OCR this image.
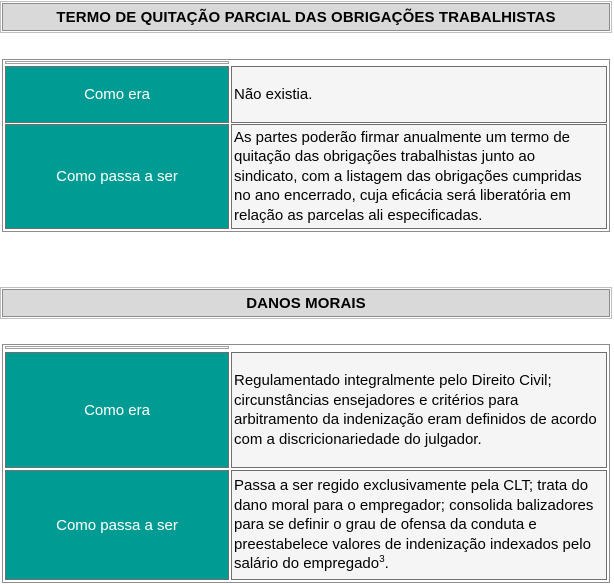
TERMO DE QUITAÇÃO PARCIAL DAS OBRIGAÇÕES TRABALHISTAS
Como era	Não existia.
Como passa a ser
As partes poderão firmar anualmente um termo de quitação das obrigações trabalhistas junto ao sindicato, com a listagem das obrigações cumpridas no ano encerrado, cuja eficácia será liberatória em relação as parcelas ali especificadas.
DANOS MORAIS
Como era
Regulamentado integralmente pelo Direito Civil; circunstâncias ensejadores e critérios para arbitramento da indenização eram definidos de acordo com a discricionariedade do julgador.
Como passa a ser
Passa a ser regido exclusivamente pela CLT; trata do dano moral para o empregador; consolida balizadores para se definir o grau de ofensa da conduta e preestabelece valores de indenização indexados pelo salário do empregado$^3$.
